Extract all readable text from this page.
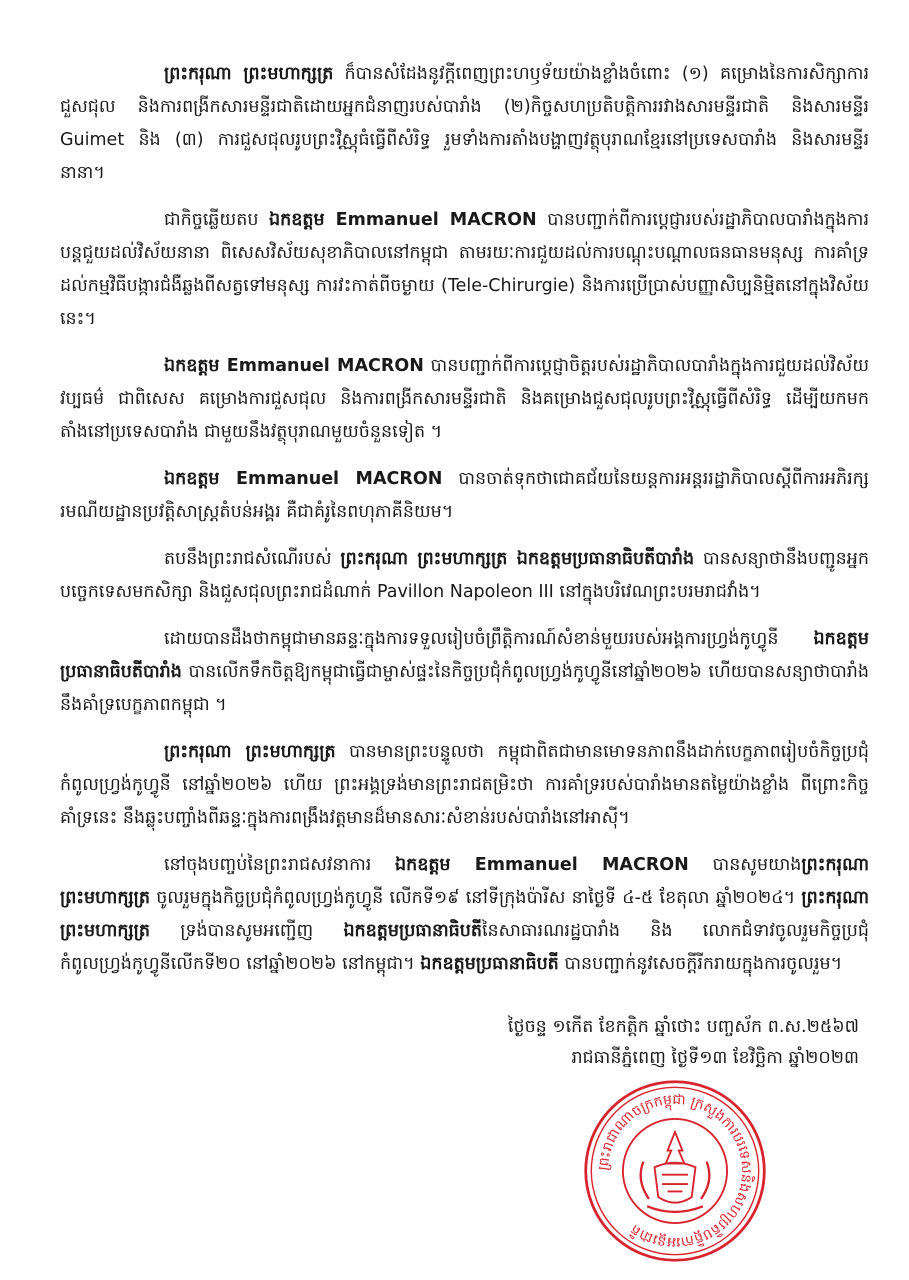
ព្រះករុណា ព្រះមហាក្សត្រ ក៏បានសំដែងនូវក្ដីពេញព្រះហឫទ័យយ៉ាងខ្លាំងចំពោះ (១) គម្រោងនៃការសិក្សាការជួសជុល និងការពង្រីកសារមន្ទីរជាតិដោយអ្នកជំនាញរបស់បារាំង (២)កិច្ចសហប្រតិបត្តិការរវាងសារមន្ទីរជាតិ និងសារមន្ទីរ Guimet និង (៣) ការជួសជុលរូបព្រះវិស្ណុធំធ្វើពីសំរិទ្ធ រួមទាំងការតាំងបង្ហាញវត្ថុបុរាណខ្មែរនៅប្រទេសបារាំង និងសារមន្ទីរនានា។

ជាកិច្ចឆ្លើយតប ឯកឧត្តម Emmanuel MACRON បានបញ្ជាក់ពីការប្តេជ្ញារបស់រដ្ឋាភិបាលបារាំងក្នុងការបន្តជួយដល់វិស័យនានា ពិសេសវិស័យសុខាភិបាលនៅកម្ពុជា តាមរយៈការជួយដល់ការបណ្តុះបណ្តាលធនធានមនុស្ស ការគាំទ្រដល់កម្មវិធីបង្ការជំងឺឆ្លងពីសត្វទៅមនុស្ស ការវះកាត់ពីចម្ងាយ (Tele-Chirurgie) និងការប្រើប្រាស់បញ្ញាសិប្បនិម្មិតនៅក្នុងវិស័យនេះ។

ឯកឧត្តម Emmanuel MACRON បានបញ្ជាក់ពីការប្តេជ្ញាចិត្តរបស់រដ្ឋាភិបាលបារាំងក្នុងការជួយដល់វិស័យវប្បធម៌ ជាពិសេស គម្រោងការជួសជុល និងការពង្រីកសារមន្ទីរជាតិ និងគម្រោងជួសជុលរូបព្រះវិស្ណុធ្វើពីសំរិទ្ធ ដើម្បីយកមកតាំងនៅប្រទេសបារាំង ជាមួយនឹងវត្ថុបុរាណមួយចំនួនទៀត ។

ឯកឧត្តម Emmanuel MACRON បានចាត់ទុកថាជោគជ័យនៃយន្តការអន្តររដ្ឋាភិបាលស្តីពីការអភិរក្សរមណីយដ្ឋានប្រវត្តិសាស្ត្រតំបន់អង្គរ គឺជាគំរូនៃពហុភាគីនិយម។

តបនឹងព្រះរាជសំណើរបស់ ព្រះករុណា ព្រះមហាក្សត្រ ឯកឧត្តមប្រធានាធិបតីបារាំង បានសន្យាថានឹងបញ្ជូនអ្នកបច្ចេកទេសមកសិក្សា និងជួសជុលព្រះរាជដំណាក់ Pavillon Napoleon III នៅក្នុងបរិវេណព្រះបរមរាជវាំង។

ដោយបានដឹងថាកម្ពុជាមានឆន្ទៈក្នុងការទទួលរៀបចំព្រឹត្តិការណ៍សំខាន់មួយរបស់អង្គការហ្វ្រង់កូហ្វូនី ឯកឧត្តមប្រធានាធិបតីបារាំង បានលើកទឹកចិត្តឱ្យកម្ពុជាធ្វើជាម្ចាស់ផ្ទះនៃកិច្ចប្រជុំកំពូលហ្វ្រង់កូហ្វូនីនៅឆ្នាំ២០២៦ ហើយបានសន្យាថាបារាំងនឹងគាំទ្របេក្ខភាពកម្ពុជា ។

ព្រះករុណា ព្រះមហាក្សត្រ បានមានព្រះបន្ទូលថា កម្ពុជាពិតជាមានមោទនភាពនឹងដាក់បេក្ខភាពរៀបចំកិច្ចប្រជុំកំពូលហ្វ្រង់កូហ្វូនី នៅឆ្នាំ២០២៦ ហើយ ព្រះអង្គទ្រង់មានព្រះរាជតម្រិះថា ការគាំទ្ររបស់បារាំងមានតម្លៃយ៉ាងខ្លាំង ពីព្រោះកិច្ចគាំទ្រនេះ នឹងឆ្លុះបញ្ចាំងពីឆន្ទៈក្នុងការពង្រឹងវត្តមានដ៏មានសារៈសំខាន់របស់បារាំងនៅអាស៊ី។

នៅចុងបញ្ចប់នៃព្រះរាជសវនាការ ឯកឧត្តម Emmanuel MACRON បានសូមយាងព្រះករុណា ព្រះមហាក្សត្រ ចូលរួមក្នុងកិច្ចប្រជុំកំពូលហ្វ្រង់កូហ្វូនី លើកទី១៩ នៅទីក្រុងប៉ារីស នាថ្ងៃទី ៤-៥ ខែតុលា ឆ្នាំ២០២៤។ ព្រះករុណា ព្រះមហាក្សត្រ ទ្រង់បានសូមអញ្ជើញ ឯកឧត្តមប្រធានាធិបតីនៃសាធារណរដ្ឋបារាំង និង លោកជំទាវចូលរួមកិច្ចប្រជុំកំពូលហ្វ្រង់កូហ្វូនីលើកទី២០ នៅឆ្នាំ២០២៦ នៅកម្ពុជា។ ឯកឧត្តមប្រធានាធិបតី បានបញ្ជាក់នូវសេចក្តីរីករាយក្នុងការចូលរួម។

ថ្ងៃចន្ទ ១កើត ខែកត្តិក ឆ្នាំថោះ បញ្ចស័ក ព.ស.២៥៦៧
រាជធានីភ្នំពេញ ថ្ងៃទី១៣ ខែវិច្ឆិកា ឆ្នាំ២០២៣
ព្រះរាជាណាចក្រកម្ពុជា ក្រសួងការបរទេសនិងសហប្រតិបត្តិការអន្តរជាតិ
